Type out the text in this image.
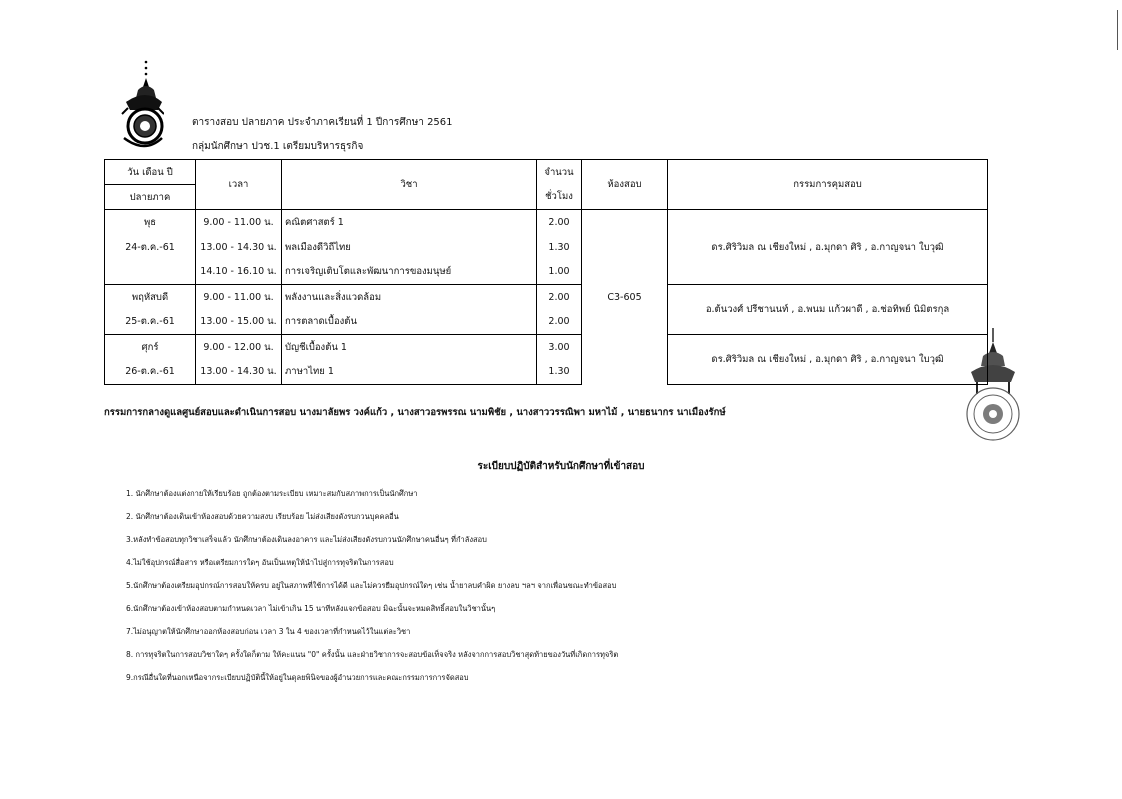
ตารางสอบ ปลายภาค ประจำภาคเรียนที่ 1 ปีการศึกษา 2561
กลุ่มนักศึกษา ปวช.1 เตรียมบริหารธุรกิจ
วัน เดือน ปี	เวลา	วิชา	จำนวน	ห้องสอบ	กรรมการคุมสอบ
ปลายภาค			ชั่วโมง		
พุธ	9.00 - 11.00 น.	คณิตศาสตร์ 1	2.00	C3-605	ดร.ศิริวิมล ณ เชียงใหม่ , อ.มุกดา ศิริ , อ.กาญจนา ใบวุฒิ
24-ต.ค.-61	13.00 - 14.30 น.	พลเมืองดีวิถีไทย	1.30		
	14.10 - 16.10 น.	การเจริญเติบโตและพัฒนาการของมนุษย์	1.00		
พฤหัสบดี	9.00 - 11.00 น.	พลังงานและสิ่งแวดล้อม	2.00		อ.ต้นวงศ์ ปรีชานนท์ , อ.พนม แก้วผาดี , อ.ช่อทิพย์ นิมิตรกุล
25-ต.ค.-61	13.00 - 15.00 น.	การตลาดเบื้องต้น	2.00		
ศุกร์	9.00 - 12.00 น.	บัญชีเบื้องต้น 1	3.00		ดร.ศิริวิมล ณ เชียงใหม่ , อ.มุกดา ศิริ , อ.กาญจนา ใบวุฒิ
26-ต.ค.-61	13.00 - 14.30 น.	ภาษาไทย 1	1.30		
กรรมการกลางดูแลศูนย์สอบและดำเนินการสอบ นางมาลัยพร วงค์แก้ว , นางสาวอรพรรณ นามพิชัย , นางสาววรรณิพา มหาไม้ , นายธนากร นาเมืองรักษ์
ระเบียบปฏิบัติสำหรับนักศึกษาที่เข้าสอบ
1. นักศึกษาต้องแต่งกายให้เรียบร้อย ถูกต้องตามระเบียบ เหมาะสมกับสภาพการเป็นนักศึกษา
2. นักศึกษาต้องเดินเข้าห้องสอบด้วยความสงบ เรียบร้อย ไม่ส่งเสียงดังรบกวนบุคคลอื่น
3.หลังทำข้อสอบทุกวิชาเสร็จแล้ว นักศึกษาต้องเดินลงอาคาร และไม่ส่งเสียงดังรบกวนนักศึกษาคนอื่นๆ ที่กำลังสอบ
4.ไม่ใช้อุปกรณ์สื่อสาร หรือเตรียมการใดๆ อันเป็นเหตุให้นำไปสู่การทุจริตในการสอบ
5.นักศึกษาต้องเตรียมอุปกรณ์การสอบให้ครบ อยู่ในสภาพที่ใช้การได้ดี และไม่ควรยืมอุปกรณ์ใดๆ เช่น น้ำยาลบคำผิด ยางลบ ฯลฯ จากเพื่อนขณะทำข้อสอบ
6.นักศึกษาต้องเข้าห้องสอบตามกำหนดเวลา ไม่เข้าเกิน 15 นาทีหลังแจกข้อสอบ มิฉะนั้นจะหมดสิทธิ์สอบในวิชานั้นๆ
7.ไม่อนุญาตให้นักศึกษาออกห้องสอบก่อน เวลา 3 ใน 4 ของเวลาที่กำหนดไว้ในแต่ละวิชา
8. การทุจริตในการสอบวิชาใดๆ ครั้งใดก็ตาม ให้คะแนน "0" ครั้งนั้น และฝ่ายวิชาการจะสอบข้อเท็จจริง หลังจากการสอบวิชาสุดท้ายของวันที่เกิดการทุจริต
9.กรณีอื่นใดที่นอกเหนือจากระเบียบปฏิบัตินี้ให้อยู่ในดุลยพินิจของผู้อำนวยการและคณะกรรมการการจัดสอบ
